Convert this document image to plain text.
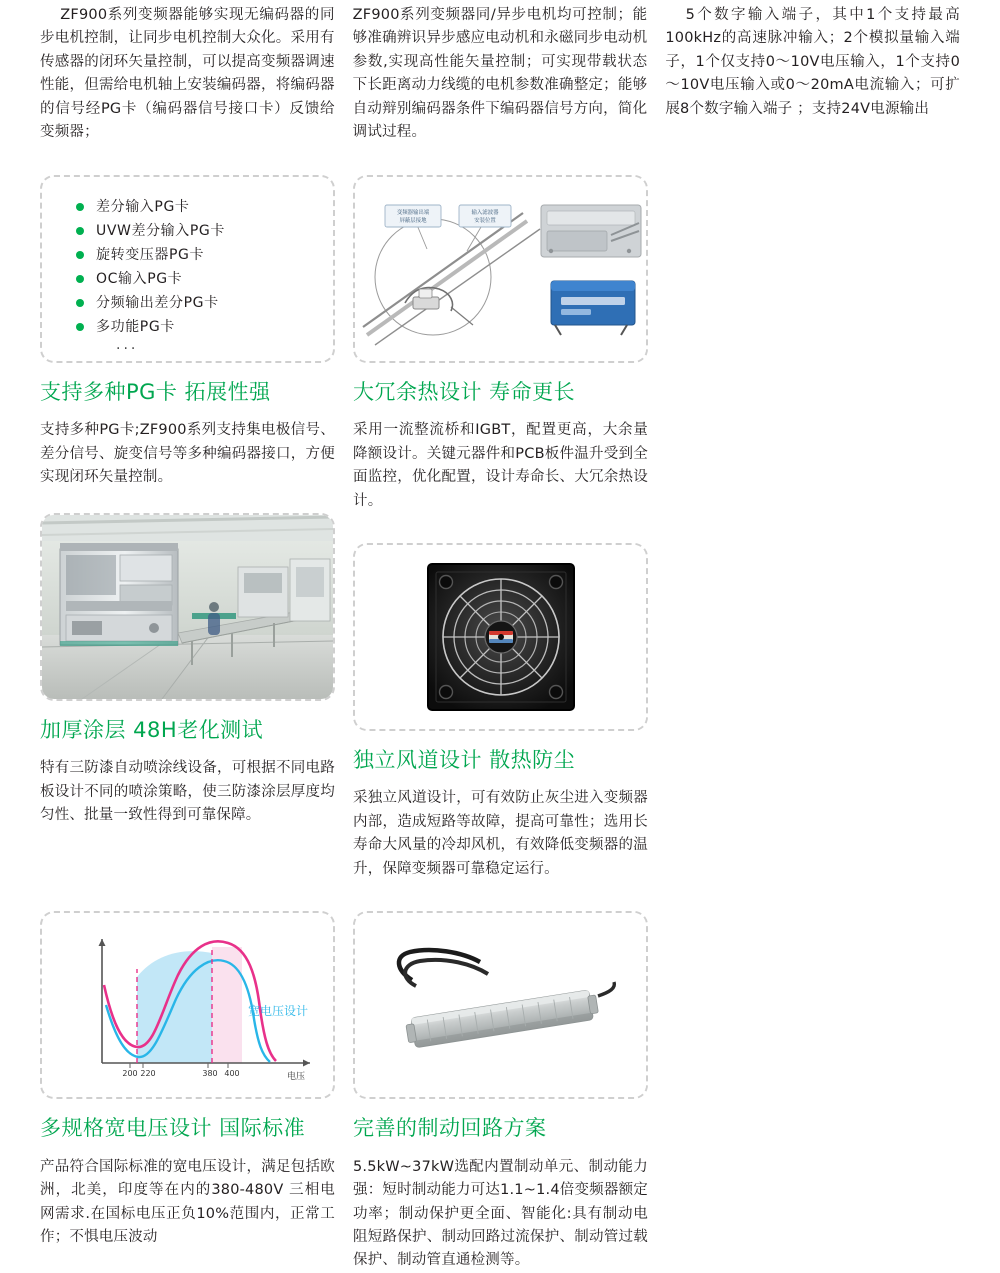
ZF900系列变频器能够实现无编码器的同步电机控制，让同步电机控制大众化。采用有传感器的闭环矢量控制，可以提高变频器调速性能，但需给电机轴上安装编码器，将编码器的信号经PG卡（编码器信号接口卡）反馈给变频器；

ZF900系列变频器同/异步电机均可控制；能够准确辨识异步感应电动机和永磁同步电动机参数,实现高性能矢量控制；可实现带载状态下长距离动力线缆的电机参数准确整定；能够自动辩别编码器条件下编码器信号方向，简化调试过程。

5个数字输入端子，其中1个支持最高100kHz的高速脉冲输入；2个模拟量输入端子，1个仅支持0～10V电压输入，1个支持0～10V电压输入或0～20mA电流输入；可扩展8个数字输入端子 ；支持24V电源输出

差分输入PG卡
UVW差分输入PG卡
旋转变压器PG卡
OC输入PG卡
分频输出差分PG卡
多功能PG卡
···
支持多种PG卡 拓展性强
支持多种PG卡;ZF900系列支持集电极信号、差分信号、旋变信号等多种编码器接口，方便实现闭环矢量控制。
变频器输出端
屏蔽层接地
输入滤波器
安装位置
大冗余热设计 寿命更长
采用一流整流桥和IGBT，配置更高，大余量降额设计。关键元器件和PCB板件温升受到全面监控，优化配置，设计寿命长、大冗余热设计。
加厚涂层 48H老化测试
特有三防漆自动喷涂线设备，可根据不同电路板设计不同的喷涂策略，使三防漆涂层厚度均匀性、批量一致性得到可靠保障。
独立风道设计 散热防尘
采独立风道设计，可有效防止灰尘进入变频器内部，造成短路等故障，提高可靠性；选用长寿命大风量的冷却风机，有效降低变频器的温升，保障变频器可靠稳定运行。
200 220	380 400	电压
宽电压设计
多规格宽电压设计 国际标准
产品符合国际标准的宽电压设计，满足包括欧洲，北美，印度等在内的380-480V 三相电网需求.在国标电压正负10%范围内，正常工作；不惧电压波动
完善的制动回路方案
5.5kW~37kW选配内置制动单元、制动能力强：短时制动能力可达1.1~1.4倍变频器额定功率；制动保护更全面、智能化:具有制动电阻短路保护、制动回路过流保护、制动管过载保护、制动管直通检测等。
